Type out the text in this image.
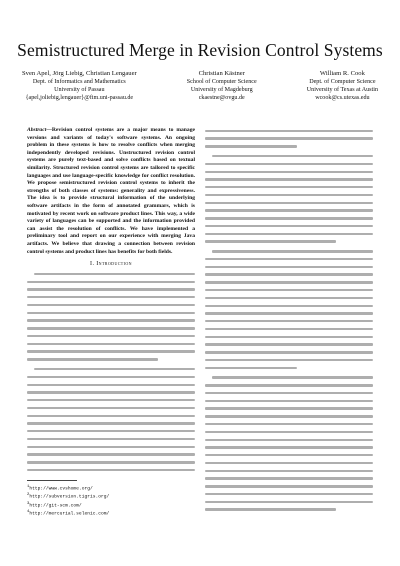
Semistructured Merge in Revision Control Systems
Sven Apel, Jörg Liebig, Christian Lengauer
Dept. of Informatics and Mathematics
University of Passau
{apel,joliebig,lengauer}@fim.uni-passau.de
Christian Kästner
School of Computer Science
University of Magdeburg
ckaestne@ovgu.de
William R. Cook
Dept. of Computer Science
University of Texas at Austin
wcook@cs.utexas.edu
Abstract—Revision control systems are a major means to manage versions and variants of today's software systems. An ongoing problem in these systems is how to resolve conflicts when merging independently developed revisions. Unstructured revision control systems are purely text-based and solve conflicts based on textual similarity. Structured revision control systems are tailored to specific languages and use language-specific knowledge for conflict resolution. We propose semistructured revision control systems to inherit the strengths of both classes of systems: generality and expressiveness. The idea is to provide structural information of the underlying software artifacts in the form of annotated grammars, which is motivated by recent work on software product lines. This way, a wide variety of languages can be supported and the information provided can assist the resolution of conflicts. We have implemented a preliminary tool and report on our experience with merging Java artifacts. We believe that drawing a connection between revision control systems and product lines has benefits for both fields.
I. Introduction
$^1$http://www.cvshome.org/
$^2$http://subversion.tigris.org/
$^3$http://git-scm.com/
$^4$http://mercurial.selenic.com/
